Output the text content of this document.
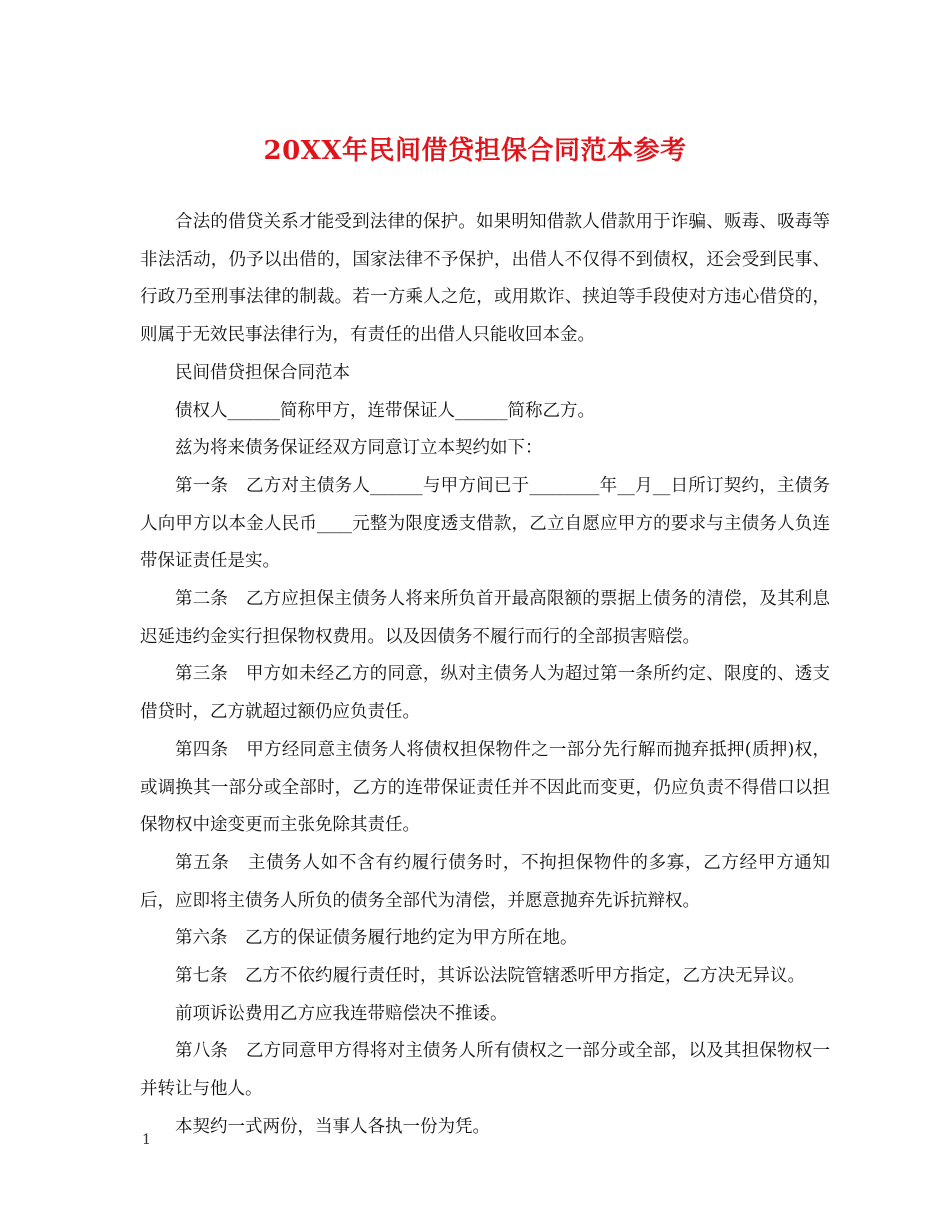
20XX年民间借贷担保合同范本参考

合法的借贷关系才能受到法律的保护。如果明知借款人借款用于诈骗、贩毒、吸毒等非法活动，仍予以出借的，国家法律不予保护，出借人不仅得不到债权，还会受到民事、行政乃至刑事法律的制裁。若一方乘人之危，或用欺诈、挟迫等手段使对方违心借贷的，则属于无效民事法律行为，有责任的出借人只能收回本金。

民间借贷担保合同范本

债权人______简称甲方，连带保证人______简称乙方。

兹为将来债务保证经双方同意订立本契约如下：

第一条　乙方对主债务人______与甲方间已于________年__月__日所订契约，主债务人向甲方以本金人民币____元整为限度透支借款，乙立自愿应甲方的要求与主债务人负连带保证责任是实。

第二条　乙方应担保主债务人将来所负首开最高限额的票据上债务的清偿，及其利息迟延违约金实行担保物权费用。以及因债务不履行而行的全部损害赔偿。

第三条　甲方如未经乙方的同意，纵对主债务人为超过第一条所约定、限度的、透支借贷时，乙方就超过额仍应负责任。

第四条　甲方经同意主债务人将债权担保物件之一部分先行解而抛弃抵押(质押)权，或调换其一部分或全部时，乙方的连带保证责任并不因此而变更，仍应负责不得借口以担保物权中途变更而主张免除其责任。

第五条　主债务人如不含有约履行债务时，不拘担保物件的多寡，乙方经甲方通知后，应即将主债务人所负的债务全部代为清偿，并愿意抛弃先诉抗辩权。

第六条　乙方的保证债务履行地约定为甲方所在地。

第七条　乙方不依约履行责任时，其诉讼法院管辖悉听甲方指定，乙方决无异议。

前项诉讼费用乙方应我连带赔偿决不推诿。

第八条　乙方同意甲方得将对主债务人所有债权之一部分或全部，以及其担保物权一并转让与他人。

本契约一式两份，当事人各执一份为凭。

1
